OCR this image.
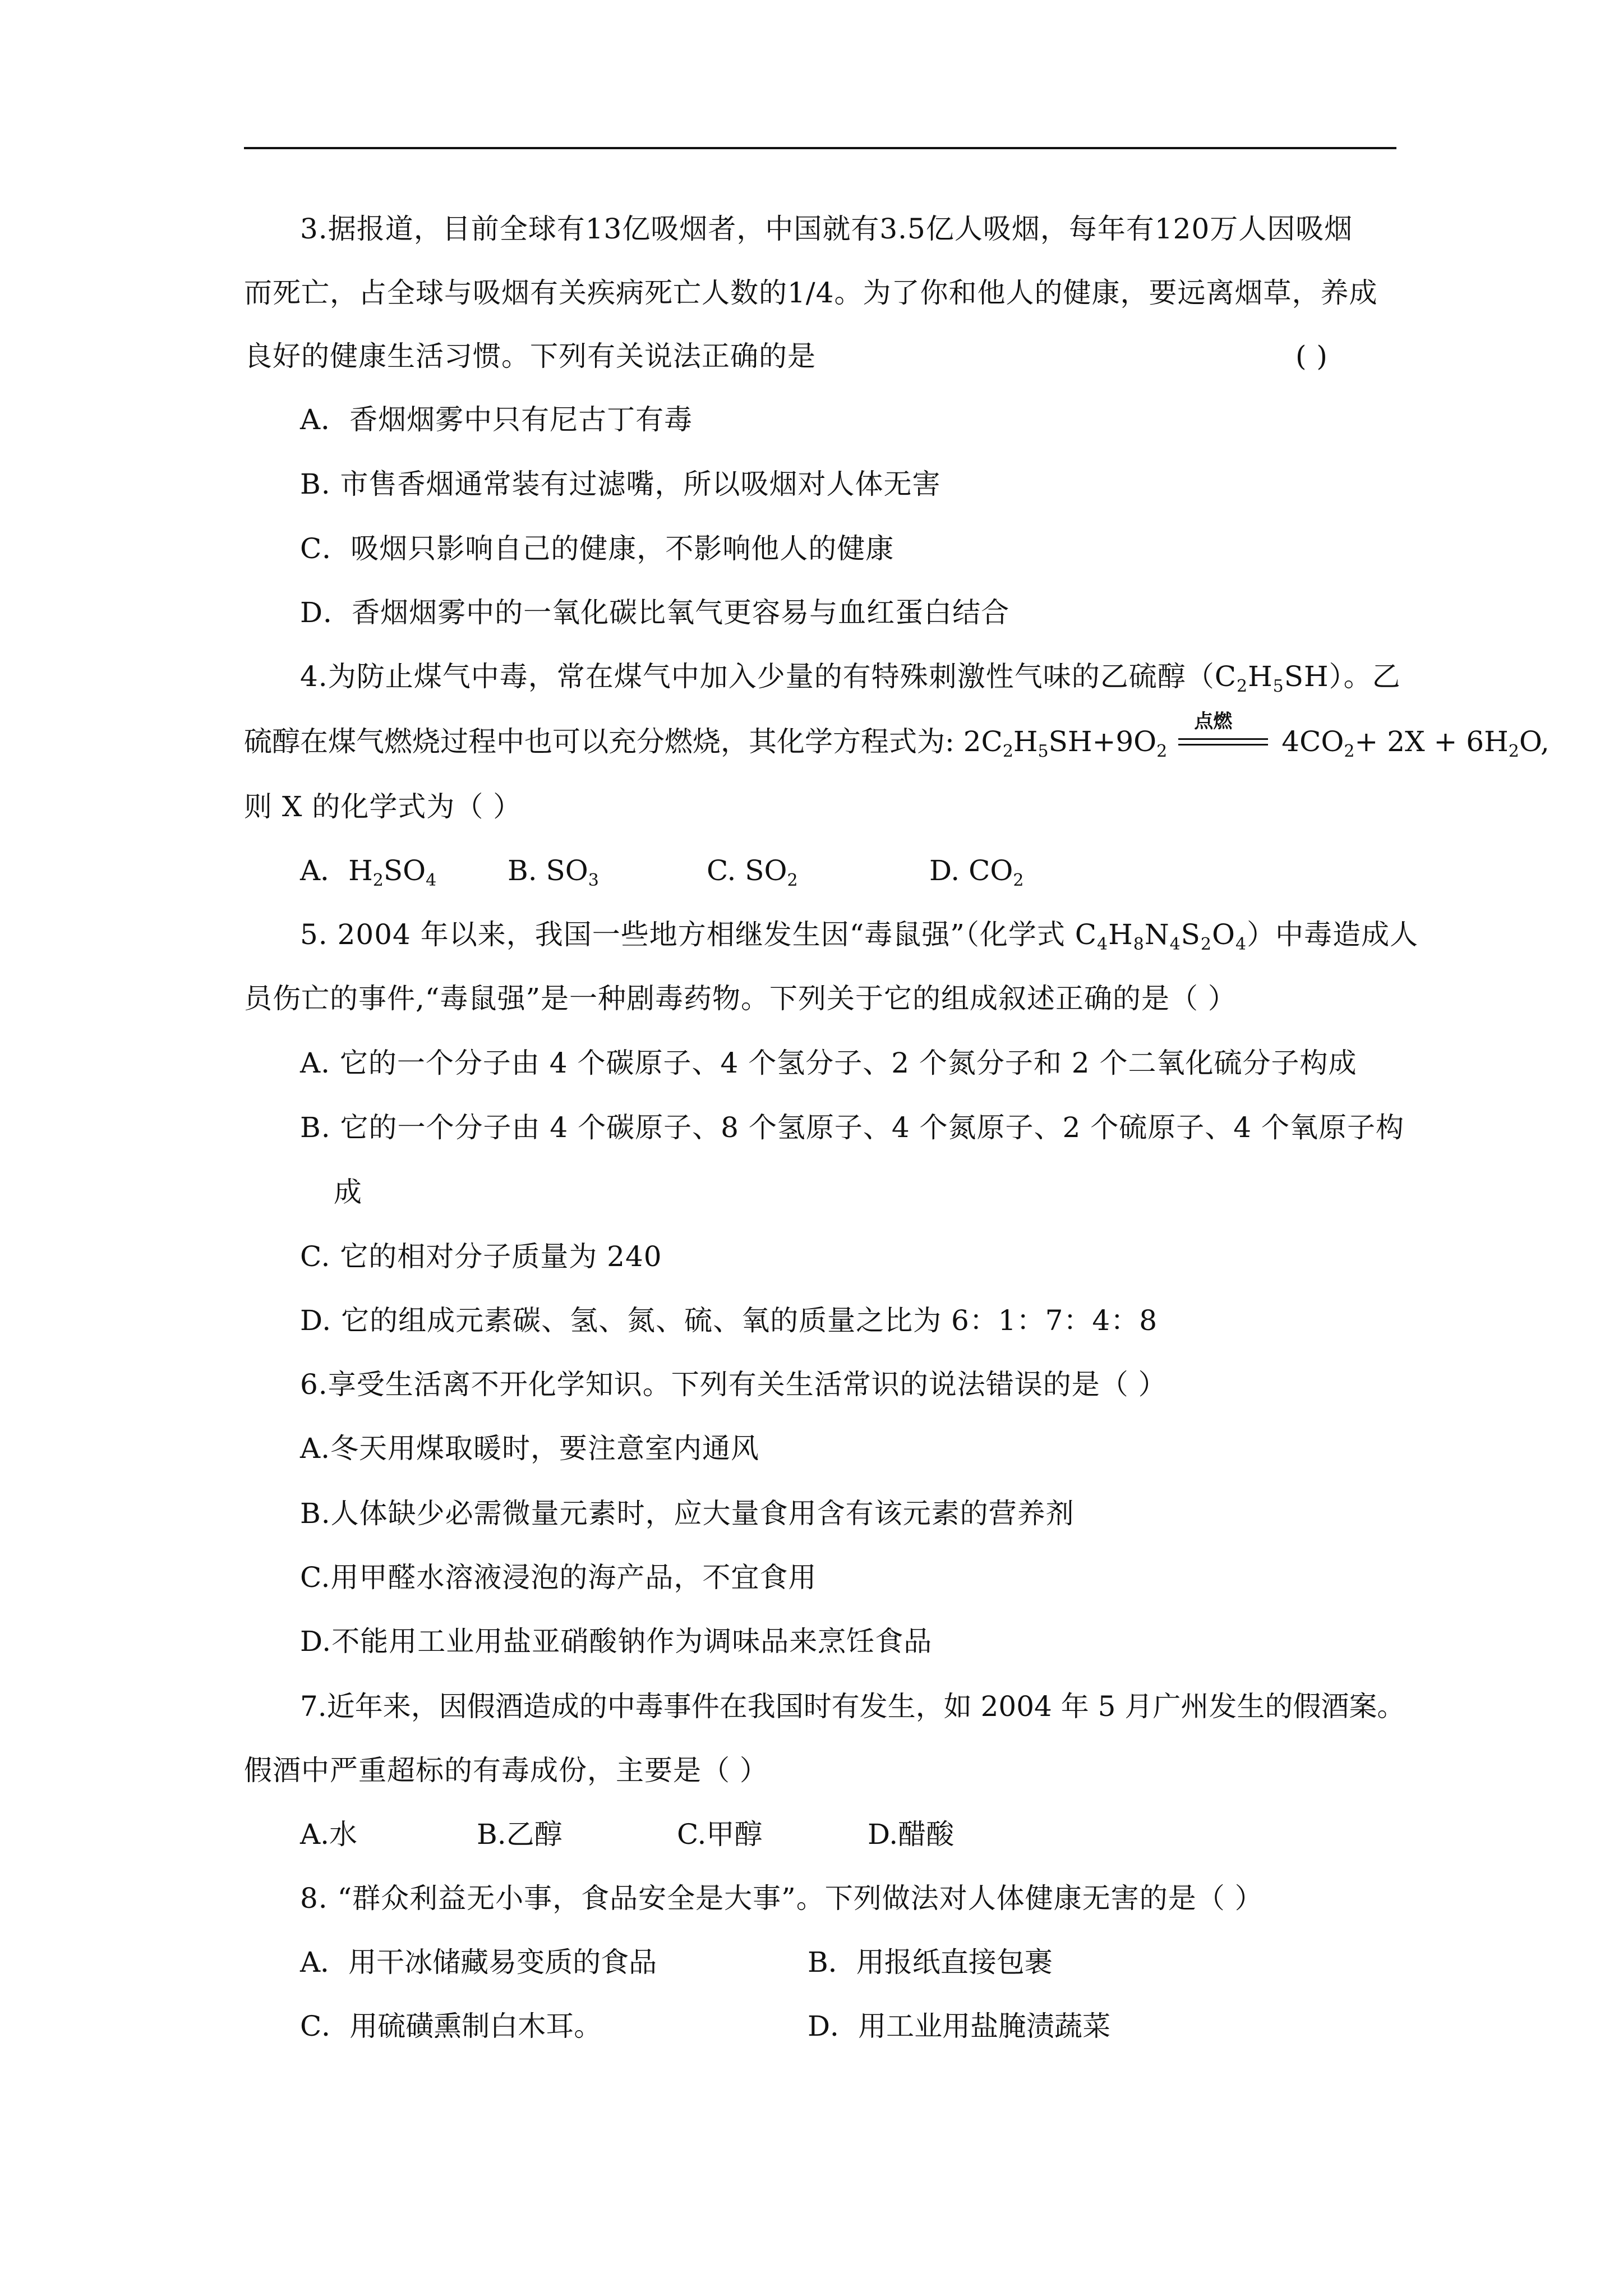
3.据报道，目前全球有13亿吸烟者，中国就有3.5亿人吸烟，每年有120万人因吸烟
而死亡，占全球与吸烟有关疾病死亡人数的1/4。为了你和他人的健康，要远离烟草，养成
良好的健康生活习惯。下列有关说法正确的是	( )
A．香烟烟雾中只有尼古丁有毒
B. 市售香烟通常装有过滤嘴，所以吸烟对人体无害
C．吸烟只影响自己的健康，不影响他人的健康
D．香烟烟雾中的一氧化碳比氧气更容易与血红蛋白结合
4.为防止煤气中毒，常在煤气中加入少量的有特殊刺激性气味的乙硫醇$(C_2H_5SH)$。乙
硫醇在煤气燃烧过程中也可以充分燃烧，其化学方程式为: $2C_2H_5SH+9O_2$
点燃
$4CO_2+ 2X + 6H_2O$,
则 X 的化学式为（ ）
A．$H_2SO_4$	B. $SO_3$	C. $SO_2$	D. $CO_2$
5. 2004 年以来，我国一些地方相继发生因“毒鼠强”（化学式 $C_4H_8N_4S_2O_4$）中毒造成人
员伤亡的事件,“毒鼠强”是一种剧毒药物。下列关于它的组成叙述正确的是（ ）
A. 它的一个分子由 4 个碳原子、4 个氢分子、2 个氮分子和 2 个二氧化硫分子构成
B. 它的一个分子由 4 个碳原子、8 个氢原子、4 个氮原子、2 个硫原子、4 个氧原子构
成
C. 它的相对分子质量为 240
D. 它的组成元素碳、氢、氮、硫、氧的质量之比为 6：1：7：4：8
6.享受生活离不开化学知识。下列有关生活常识的说法错误的是（ ）
A.冬天用煤取暖时，要注意室内通风
B.人体缺少必需微量元素时，应大量食用含有该元素的营养剂
C.用甲醛水溶液浸泡的海产品，不宜食用
D.不能用工业用盐亚硝酸钠作为调味品来烹饪食品
7.近年来，因假酒造成的中毒事件在我国时有发生，如 2004 年 5 月广州发生的假酒案。
假酒中严重超标的有毒成份，主要是（ ）
A.水	B.乙醇	C.甲醇	D.醋酸
8. “群众利益无小事，食品安全是大事”。下列做法对人体健康无害的是（ ）
A．用干冰储藏易变质的食品	B．用报纸直接包裹
C．用硫磺熏制白木耳。	D．用工业用盐腌渍蔬菜
